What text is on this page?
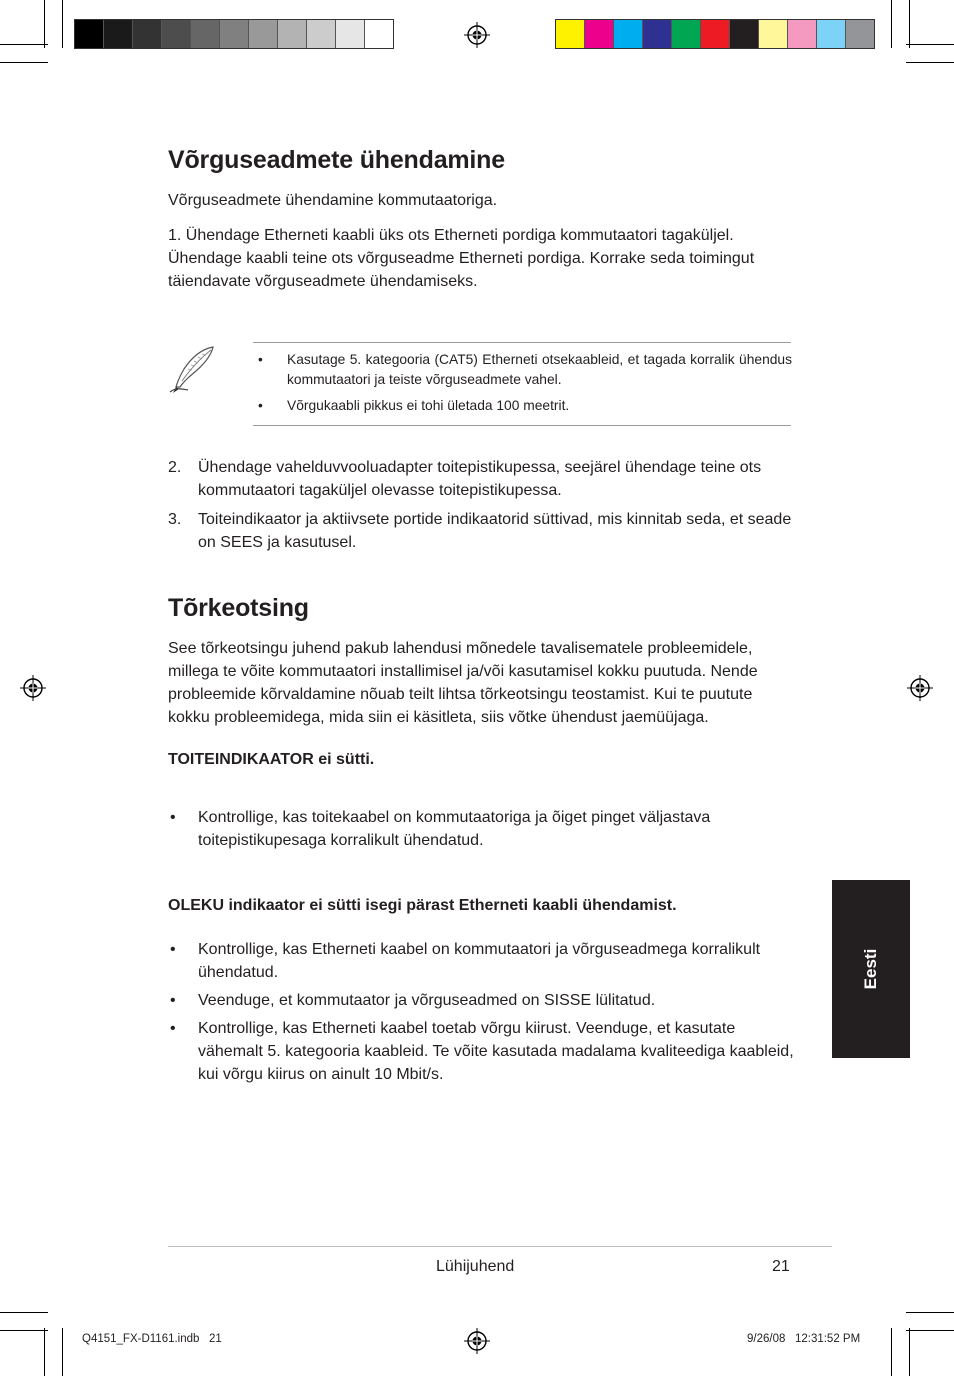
Võrguseadmete ühendamine

Võrguseadmete ühendamine kommutaatoriga.

1. Ühendage Etherneti kaabli üks ots Etherneti pordiga kommutaatori tagaküljel. Ühendage kaabli teine ots võrguseadme Etherneti pordiga. Korrake seda toimingut täiendavate võrguseadmete ühendamiseks.

• Kasutage 5. kategooria (CAT5) Etherneti otsekaableid, et tagada korralik ühendus kommutaatori ja teiste võrguseadmete vahel.
• Võrgukaabli pikkus ei tohi ületada 100 meetrit.
2. Ühendage vahelduvvooluadapter toitepistikupessa, seejärel ühendage teine ots kommutaatori tagaküljel olevasse toitepistikupessa.
3. Toiteindikaator ja aktiivsete portide indikaatorid süttivad, mis kinnitab seda, et seade on SEES ja kasutusel.
Tõrkeotsing

See tõrkeotsingu juhend pakub lahendusi mõnedele tavalisematele probleemidele, millega te võite kommutaatori installimisel ja/või kasutamisel kokku puutuda. Nende probleemide kõrvaldamine nõuab teilt lihtsa tõrkeotsingu teostamist. Kui te puutute kokku probleemidega, mida siin ei käsitleta, siis võtke ühendust jaemüüjaga.

TOITEINDIKAATOR ei sütti.
• Kontrollige, kas toitekaabel on kommutaatoriga ja õiget pinget väljastava toitepistikupesaga korralikult ühendatud.
OLEKU indikaator ei sütti isegi pärast Etherneti kaabli ühendamist.
• Kontrollige, kas Etherneti kaabel on kommutaatori ja võrguseadmega korralikult ühendatud.
• Veenduge, et kommutaator ja võrguseadmed on SISSE lülitatud.
• Kontrollige, kas Etherneti kaabel toetab võrgu kiirust. Veenduge, et kasutate vähemalt 5. kategooria kaableid. Te võite kasutada madalama kvaliteediga kaableid, kui võrgu kiirus on ainult 10 Mbit/s.
Eesti
Lühijuhend	21
Q4151_FX-D1161.indb   21	9/26/08   12:31:52 PM
